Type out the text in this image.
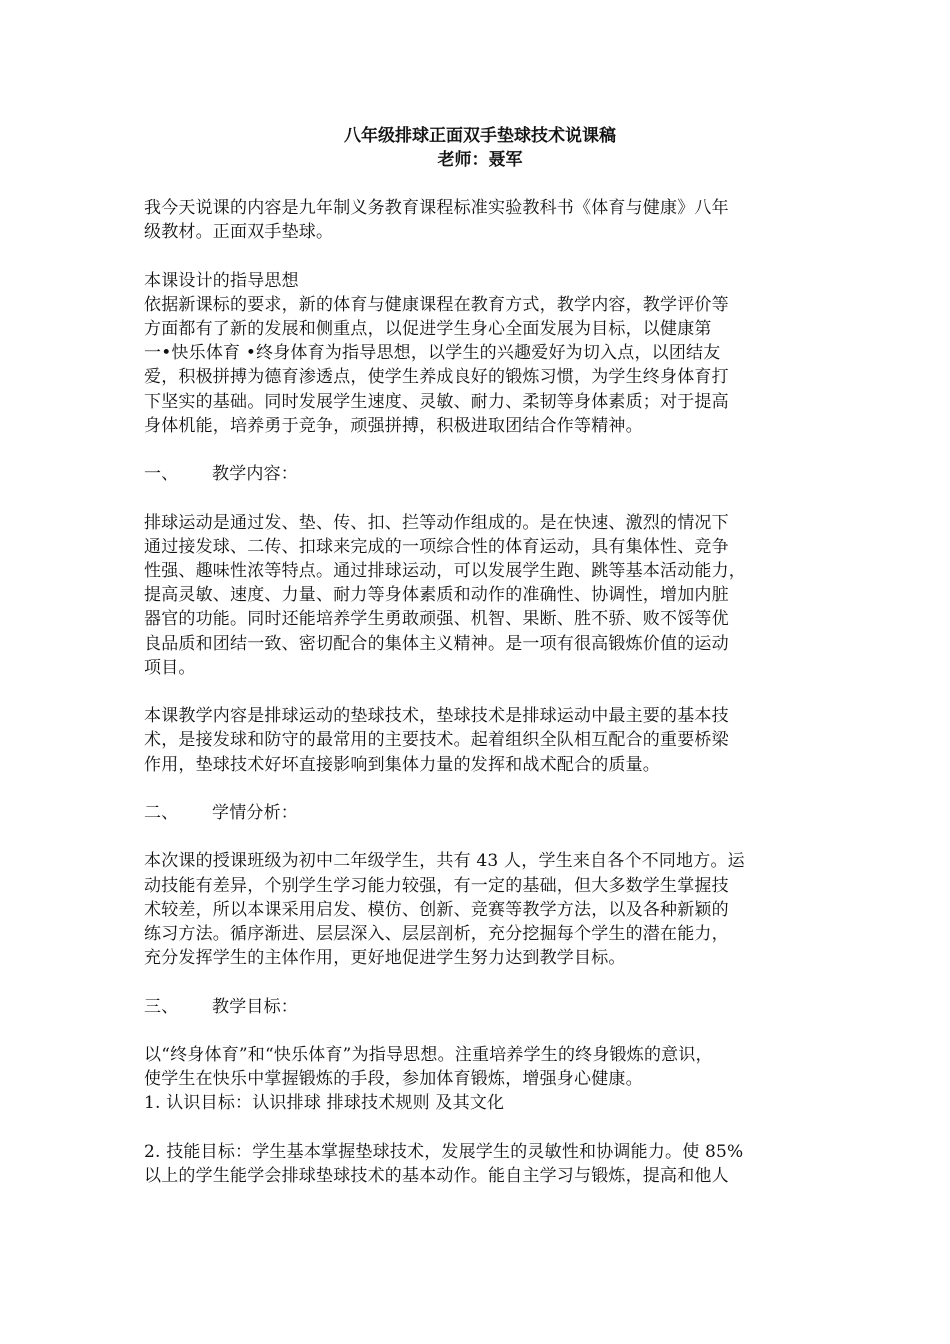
八年级排球正面双手垫球技术说课稿

老师：聂军

我今天说课的内容是九年制义务教育课程标准实验教科书《体育与健康》八年

级教材。正面双手垫球。

本课设计的指导思想

依据新课标的要求，新的体育与健康课程在教育方式，教学内容，教学评价等

方面都有了新的发展和侧重点，以促进学生身心全面发展为目标，以健康第

一•快乐体育 •终身体育为指导思想，以学生的兴趣爱好为切入点，以团结友

爱，积极拼搏为德育渗透点，使学生养成良好的锻炼习惯，为学生终身体育打

下坚实的基础。同时发展学生速度、灵敏、耐力、柔韧等身体素质；对于提高

身体机能，培养勇于竞争，顽强拼搏，积极进取团结合作等精神。

一、 教学内容：

排球运动是通过发、垫、传、扣、拦等动作组成的。是在快速、激烈的情况下

通过接发球、二传、扣球来完成的一项综合性的体育运动，具有集体性、竞争

性强、趣味性浓等特点。通过排球运动，可以发展学生跑、跳等基本活动能力，

提高灵敏、速度、力量、耐力等身体素质和动作的准确性、协调性，增加内脏

器官的功能。同时还能培养学生勇敢顽强、机智、果断、胜不骄、败不馁等优

良品质和团结一致、密切配合的集体主义精神。是一项有很高锻炼价值的运动

项目。

本课教学内容是排球运动的垫球技术，垫球技术是排球运动中最主要的基本技

术，是接发球和防守的最常用的主要技术。起着组织全队相互配合的重要桥梁

作用，垫球技术好坏直接影响到集体力量的发挥和战术配合的质量。

二、 学情分析：

本次课的授课班级为初中二年级学生，共有 43 人，学生来自各个不同地方。运

动技能有差异，个别学生学习能力较强，有一定的基础，但大多数学生掌握技

术较差，所以本课采用启发、模仿、创新、竞赛等教学方法，以及各种新颖的

练习方法。循序渐进、层层深入、层层剖析，充分挖掘每个学生的潜在能力，

充分发挥学生的主体作用，更好地促进学生努力达到教学目标。

三、 教学目标：

以“终身体育”和“快乐体育”为指导思想。注重培养学生的终身锻炼的意识，

使学生在快乐中掌握锻炼的手段，参加体育锻炼，增强身心健康。

1. 认识目标：认识排球 排球技术规则 及其文化

2. 技能目标：学生基本掌握垫球技术，发展学生的灵敏性和协调能力。使 85%

以上的学生能学会排球垫球技术的基本动作。能自主学习与锻炼，提高和他人
